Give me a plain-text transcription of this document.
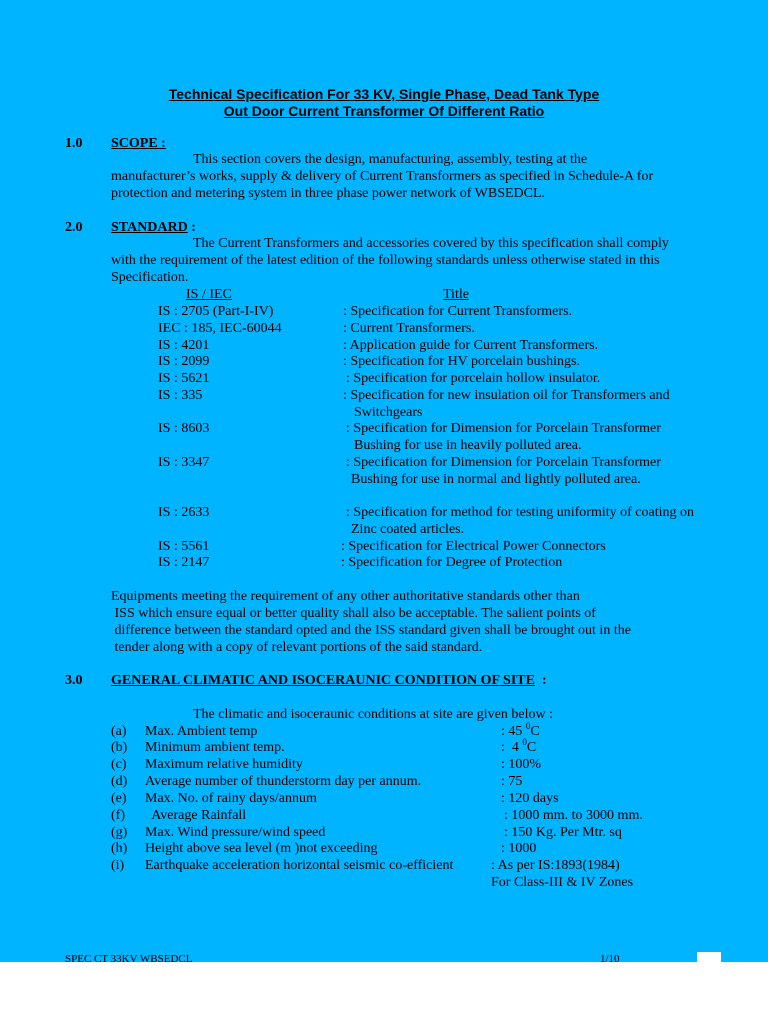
Technical Specification For 33 KV, Single Phase, Dead Tank Type
Out Door Current Transformer Of Different Ratio
1.0 SCOPE :
This section covers the design, manufacturing, assembly, testing at the
manufacturer’s works, supply & delivery of Current Transformers as specified in Schedule-A for
protection and metering system in three phase power network of WBSEDCL.
2.0 STANDARD :
The Current Transformers and accessories covered by this specification shall comply
with the requirement of the latest edition of the following standards unless otherwise stated in this
Specification.
IS / IEC	Title
IS : 2705 (Part-I-IV)	: Specification for Current Transformers.
IEC : 185, IEC-60044	: Current Transformers.
IS : 4201	: Application guide for Current Transformers.
IS : 2099	: Specification for HV porcelain bushings.
IS : 5621	: Specification for porcelain hollow insulator.
IS : 335	: Specification for new insulation oil for Transformers and
Switchgears
IS : 8603	: Specification for Dimension for Porcelain Transformer
Bushing for use in heavily polluted area.
IS : 3347	: Specification for Dimension for Porcelain Transformer
Bushing for use in normal and lightly polluted area.
IS : 2633	: Specification for method for testing uniformity of coating on
Zinc coated articles.
IS : 5561	: Specification for Electrical Power Connectors
IS : 2147	: Specification for Degree of Protection
Equipments meeting the requirement of any other authoritative standards other than
ISS which ensure equal or better quality shall also be acceptable. The salient points of
difference between the standard opted and the ISS standard given shall be brought out in the
tender along with a copy of relevant portions of the said standard.
3.0 GENERAL CLIMATIC AND ISOCERAUNIC CONDITION OF SITE  :
The climatic and isoceraunic conditions at site are given below :
(a) Max. Ambient temp	: 45 $^0$C
(b) Minimum ambient temp.	:  4 $^0$C
(c) Maximum relative humidity	: 100%
(d) Average number of thunderstorm day per annum.	: 75
(e) Max. No. of rainy days/annum	: 120 days
(f) Average Rainfall	: 1000 mm. to 3000 mm.
(g) Max. Wind pressure/wind speed	: 150 Kg. Per Mtr. sq
(h) Height above sea level (m )not exceeding	: 1000
(i) Earthquake acceleration horizontal seismic co-efficient	: As per IS:1893(1984)
For Class-III & IV Zones
SPEC CT 33KV WBSEDCL	1/10
